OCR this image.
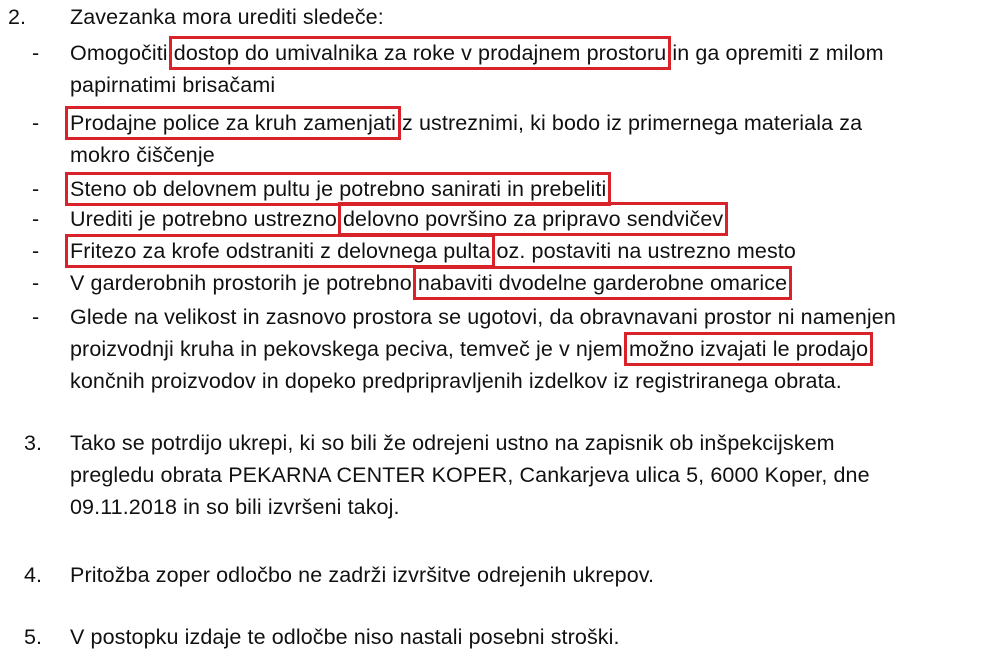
2. Zavezanka mora urediti sledeče:
- Omogočiti dostop do umivalnika za roke v prodajnem prostoru in ga opremiti z milom
papirnatimi brisačami
- Prodajne police za kruh zamenjati z ustreznimi, ki bodo iz primernega materiala za
mokro čiščenje
- Steno ob delovnem pultu je potrebno sanirati in prebeliti
- Urediti je potrebno ustrezno delovno površino za pripravo sendvičev
- Fritezo za krofe odstraniti z delovnega pulta oz. postaviti na ustrezno mesto
- V garderobnih prostorih je potrebno nabaviti dvodelne garderobne omarice
- Glede na velikost in zasnovo prostora se ugotovi, da obravnavani prostor ni namenjen
proizvodnji kruha in pekovskega peciva, temveč je v njem možno izvajati le prodajo
končnih proizvodov in dopeko predpripravljenih izdelkov iz registriranega obrata.
3. Tako se potrdijo ukrepi, ki so bili že odrejeni ustno na zapisnik ob inšpekcijskem
pregledu obrata PEKARNA CENTER KOPER, Cankarjeva ulica 5, 6000 Koper, dne
09.11.2018 in so bili izvršeni takoj.
4. Pritožba zoper odločbo ne zadrži izvršitve odrejenih ukrepov.
5. V postopku izdaje te odločbe niso nastali posebni stroški.
